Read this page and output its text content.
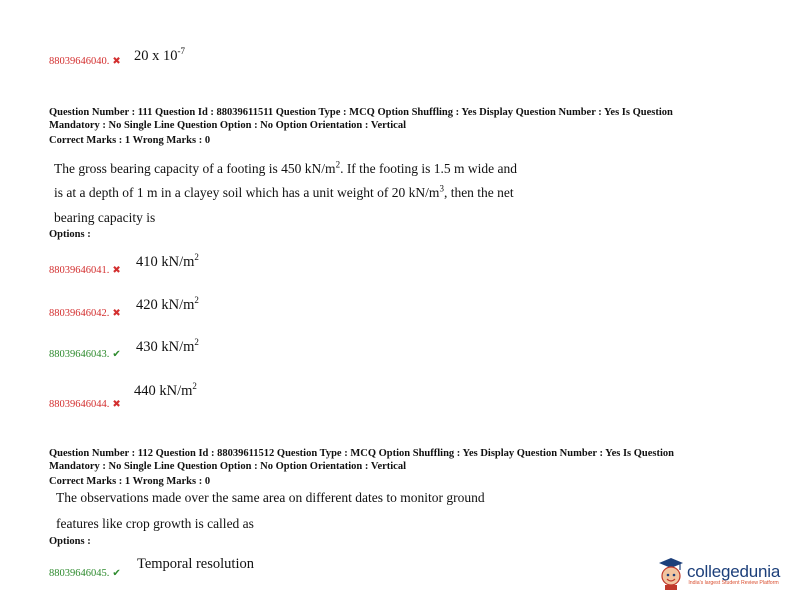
88039646040. ✖ 20 x $10^{-7}$
Question Number : 111 Question Id : 88039611511 Question Type : MCQ Option Shuffling : Yes Display Question Number : Yes Is Question
Mandatory : No Single Line Question Option : No Option Orientation : Vertical
Correct Marks : 1 Wrong Marks : 0
The gross bearing capacity of a footing is 450 $kN/m^2$. If the footing is 1.5 m wide and
is at a depth of 1 m in a clayey soil which has a unit weight of 20 $kN/m^3$, then the net
bearing capacity is
Options :
88039646041. ✖
410 $kN/m^2$
88039646042. ✖
420 $kN/m^2$
88039646043. ✔ 430 $kN/m^2$
88039646044. ✖
440 $kN/m^2$
Question Number : 112 Question Id : 88039611512 Question Type : MCQ Option Shuffling : Yes Display Question Number : Yes Is Question
Mandatory : No Single Line Question Option : No Option Orientation : Vertical
Correct Marks : 1 Wrong Marks : 0
The observations made over the same area on different dates to monitor ground
features like crop growth is called as
Options :
88039646045. ✔
Temporal resolution	collegedunia
India's largest Student Review Platform
